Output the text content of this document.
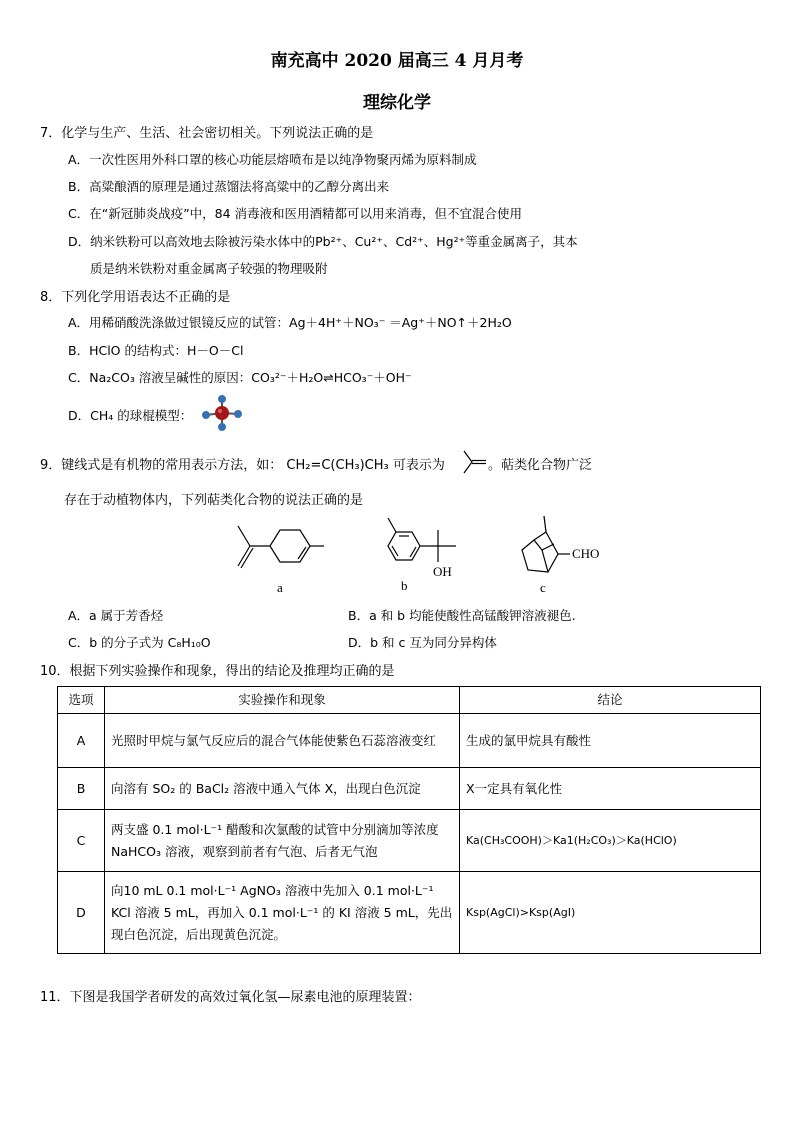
南充高中 2020 届高三 4 月月考
理综化学
7．化学与生产、生活、社会密切相关。下列说法正确的是
A．一次性医用外科口罩的核心功能层熔喷布是以纯净物聚丙烯为原料制成
B．高粱酿酒的原理是通过蒸馏法将高粱中的乙醇分离出来
C．在“新冠肺炎战疫”中，84 消毒液和医用酒精都可以用来消毒，但不宜混合使用
D．纳米铁粉可以高效地去除被污染水体中的Pb²⁺、Cu²⁺、Cd²⁺、Hg²⁺等重金属离子，其本
质是纳米铁粉对重金属离子较强的物理吸附
8．下列化学用语表达不正确的是
A．用稀硝酸洗涤做过银镜反应的试管：Ag＋4H⁺＋NO₃⁻ ＝Ag⁺＋NO↑＋2H₂O
B．HClO 的结构式：H－O－Cl
C．Na₂CO₃ 溶液呈碱性的原因：CO₃²⁻＋H₂O⇌HCO₃⁻＋OH⁻
D．CH₄ 的球棍模型：
9．键线式是有机物的常用表示方法，如： CH₂=C(CH₃)CH₃ 可表示为	。萜类化合物广泛
存在于动植物体内，下列萜类化合物的说法正确的是
a
OH
b
CHO
c
A．a 属于芳香烃	B．a 和 b 均能使酸性高锰酸钾溶液褪色.
C．b 的分子式为 C₈H₁₀O	D．b 和 c 互为同分异构体
10．根据下列实验操作和现象，得出的结论及推理均正确的是
选项	实验操作和现象	结论
A	光照时甲烷与氯气反应后的混合气体能使紫色石蕊溶液变红	生成的氯甲烷具有酸性
B	向溶有 SO₂ 的 BaCl₂ 溶液中通入气体 X，出现白色沉淀	X一定具有氧化性
C	两支盛 0.1 mol·L⁻¹ 醋酸和次氯酸的试管中分别滴加等浓度 NaHCO₃ 溶液，观察到前者有气泡、后者无气泡	Ka(CH₃COOH)＞Ka1(H₂CO₃)＞Ka(HClO)
D	向10 mL 0.1 mol·L⁻¹ AgNO₃ 溶液中先加入 0.1 mol·L⁻¹ KCl 溶液 5 mL，再加入 0.1 mol·L⁻¹ 的 KI 溶液 5 mL，先出现白色沉淀，后出现黄色沉淀。	Ksp(AgCl)>Ksp(AgI)
11．下图是我国学者研发的高效过氧化氢—尿素电池的原理装置：
